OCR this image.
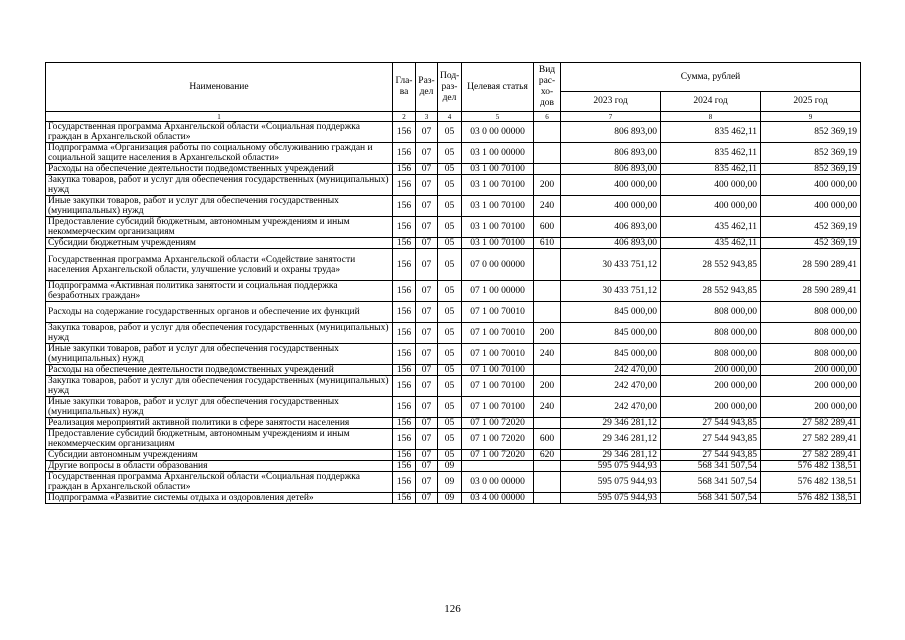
Наименование	Гла-ва	Раз-дел	Под-раз-дел	Целевая статья	Вид рас-хо-дов	Сумма, рублей		
						2023 год	2024 год	2025 год
1	2	3	4	5	6	7	8	9
Государственная программа Архангельской области «Социальная поддержка граждан в Архангельской области»	156	07	05	03 0 00 00000		806 893,00	835 462,11	852 369,19
Подпрограмма «Организация работы по социальному обслуживанию граждан и социальной защите населения в Архангельской области»	156	07	05	03 1 00 00000		806 893,00	835 462,11	852 369,19
Расходы на обеспечение деятельности подведомственных учреждений	156	07	05	03 1 00 70100		806 893,00	835 462,11	852 369,19
Закупка товаров, работ и услуг для обеспечения государственных (муниципальных) нужд	156	07	05	03 1 00 70100	200	400 000,00	400 000,00	400 000,00
Иные закупки товаров, работ и услуг для обеспечения государственных (муниципальных) нужд	156	07	05	03 1 00 70100	240	400 000,00	400 000,00	400 000,00
Предоставление субсидий бюджетным, автономным учреждениям и иным некоммерческим организациям	156	07	05	03 1 00 70100	600	406 893,00	435 462,11	452 369,19
Субсидии бюджетным учреждениям	156	07	05	03 1 00 70100	610	406 893,00	435 462,11	452 369,19
Государственная программа Архангельской области «Содействие занятости населения Архангельской области, улучшение условий и охраны труда»	156	07	05	07 0 00 00000		30 433 751,12	28 552 943,85	28 590 289,41
Подпрограмма «Активная политика занятости и социальная поддержка безработных граждан»	156	07	05	07 1 00 00000		30 433 751,12	28 552 943,85	28 590 289,41
Расходы на содержание государственных органов и обеспечение их функций	156	07	05	07 1 00 70010		845 000,00	808 000,00	808 000,00
Закупка товаров, работ и услуг для обеспечения государственных (муниципальных) нужд	156	07	05	07 1 00 70010	200	845 000,00	808 000,00	808 000,00
Иные закупки товаров, работ и услуг для обеспечения государственных (муниципальных) нужд	156	07	05	07 1 00 70010	240	845 000,00	808 000,00	808 000,00
Расходы на обеспечение деятельности подведомственных учреждений	156	07	05	07 1 00 70100		242 470,00	200 000,00	200 000,00
Закупка товаров, работ и услуг для обеспечения государственных (муниципальных) нужд	156	07	05	07 1 00 70100	200	242 470,00	200 000,00	200 000,00
Иные закупки товаров, работ и услуг для обеспечения государственных (муниципальных) нужд	156	07	05	07 1 00 70100	240	242 470,00	200 000,00	200 000,00
Реализация мероприятий активной политики в сфере занятости населения	156	07	05	07 1 00 72020		29 346 281,12	27 544 943,85	27 582 289,41
Предоставление субсидий бюджетным, автономным учреждениям и иным некоммерческим организациям	156	07	05	07 1 00 72020	600	29 346 281,12	27 544 943,85	27 582 289,41
Субсидии автономным учреждениям	156	07	05	07 1 00 72020	620	29 346 281,12	27 544 943,85	27 582 289,41
Другие вопросы в области образования	156	07	09			595 075 944,93	568 341 507,54	576 482 138,51
Государственная программа Архангельской области «Социальная поддержка граждан в Архангельской области»	156	07	09	03 0 00 00000		595 075 944,93	568 341 507,54	576 482 138,51
Подпрограмма «Развитие системы отдыха и оздоровления детей»	156	07	09	03 4 00 00000		595 075 944,93	568 341 507,54	576 482 138,51
126
